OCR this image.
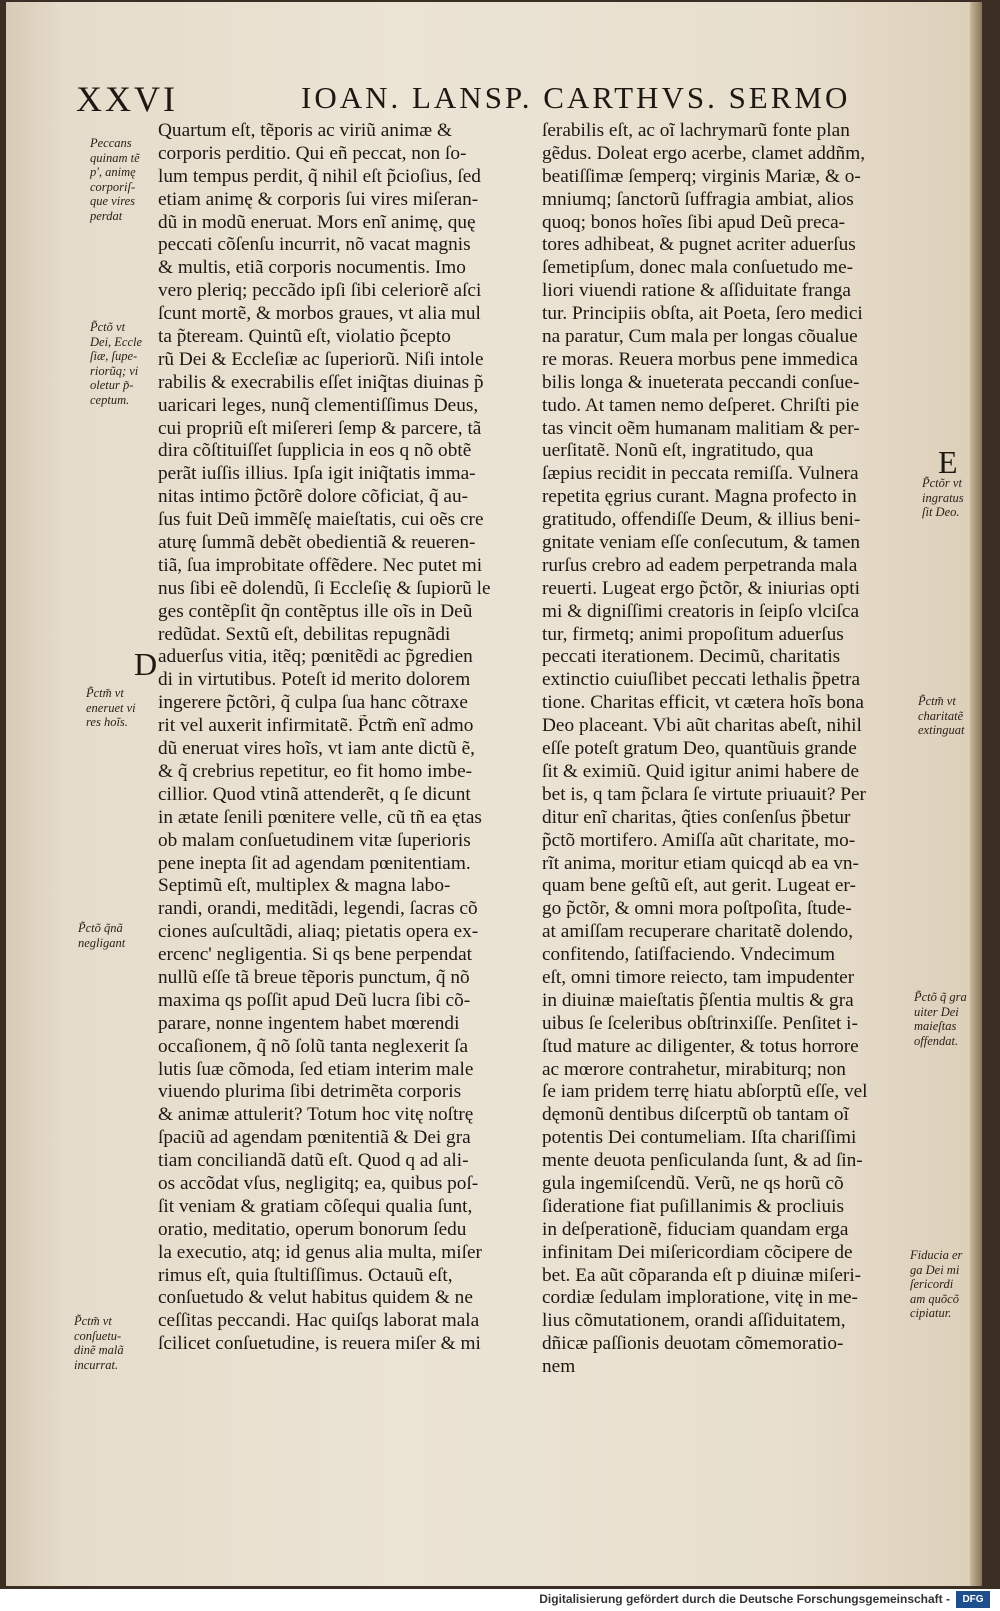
XXVI	IOAN. LANSP. CARTHVS. SERMO
Quartum eſt, tẽporis ac viriũ animæ &
corporis perditio. Qui eñ peccat, non ſo-
lum tempus perdit, q̃ nihil eſt p̃cioſius, ſed
etiam animę & corporis ſui vires miſeran-
dũ in modũ eneruat. Mors enĩ animę, quę
peccati cõſenſu incurrit, nõ vacat magnis
& multis, etiã corporis nocumentis. Imo
vero pleriq; peccãdo ipſi ſibi celeriorẽ aſci
ſcunt mortẽ, & morbos graues, vt alia mul
ta p̃teream. Quintũ eſt, violatio p̃cepto
rũ Dei & Eccleſiæ ac ſuperiorũ. Niſi intole
rabilis & execrabilis eſſet iniq̃tas diuinas p̃
uaricari leges, nunq̃ clementiſſimus Deus,
cui propriũ eſt miſereri ſemp & parcere, tã
dira cõſtituiſſet ſupplicia in eos q nõ obtẽ
perãt iuſſis illius. Ipſa igit iniq̃tatis imma-
nitas intimo p̃ctõrẽ dolore cõficiat, q̃ au-
ſus fuit Deũ immẽſę maieſtatis, cui oẽs cre
aturę ſummã debẽt obedientiã & reueren-
tiã, ſua improbitate offẽdere. Nec putet mi
nus ſibi eẽ dolendũ, ſi Eccleſię & ſupiorũ le
ges contẽpſit q̃n contẽptus ille oĩs in Deũ
redũdat. Sextũ eſt, debilitas repugnãdi
aduerſus vitia, itẽq; pœnitẽdi ac p̃gredien
di in virtutibus. Poteſt id merito dolorem
ingerere p̃ctõri, q̃ culpa ſua hanc cõtraxe
rit vel auxerit infirmitatẽ. P̃ctm̃ enĩ admo
dũ eneruat vires hoĩs, vt iam ante dictũ ẽ,
& q̃ crebrius repetitur, eo fit homo imbe-
cillior. Quod vtinã attenderẽt, q ſe dicunt
in ætate ſenili pœnitere velle, cũ tñ ea ętas
ob malam conſuetudinem vitæ ſuperioris
pene inepta ſit ad agendam pœnitentiam.
Septimũ eſt, multiplex & magna labo-
randi, orandi, meditãdi, legendi, ſacras cõ
ciones auſcultãdi, aliaq; pietatis opera ex-
ercenc' negligentia. Si qs bene perpendat
nullũ eſſe tã breue tẽporis punctum, q̃ nõ
maxima qs poſſit apud Deũ lucra ſibi cõ-
parare, nonne ingentem habet mœrendi
occaſionem, q̃ nõ ſolũ tanta neglexerit ſa
lutis ſuæ cõmoda, ſed etiam interim male
viuendo plurima ſibi detrimẽta corporis
& animæ attulerit? Totum hoc vitę noſtrę
ſpaciũ ad agendam pœnitentiã & Dei gra
tiam conciliandã datũ eſt. Quod q ad ali-
os accõdat vſus, negligitq; ea, quibus poſ-
ſit veniam & gratiam cõſequi qualia ſunt,
oratio, meditatio, operum bonorum ſedu
la executio, atq; id genus alia multa, miſer
rimus eſt, quia ſtultiſſimus. Octauũ eſt,
conſuetudo & velut habitus quidem & ne
ceſſitas peccandi. Hac quiſqs laborat mala
ſcilicet conſuetudine, is reuera miſer & mi
ſerabilis eſt, ac oĩ lachrymarũ fonte plan
gẽdus. Doleat ergo acerbe, clamet addñm,
beatiſſimæ ſemperq; virginis Mariæ, & o-
mniumq; ſanctorũ ſuffragia ambiat, alios
quoq; bonos hoĩes ſibi apud Deũ preca-
tores adhibeat, & pugnet acriter aduerſus
ſemetipſum, donec mala conſuetudo me-
liori viuendi ratione & aſſiduitate franga
tur. Principiis obſta, ait Poeta, ſero medici
na paratur, Cum mala per longas cõualue
re moras. Reuera morbus pene immedica
bilis longa & inueterata peccandi conſue-
tudo. At tamen nemo deſperet. Chriſti pie
tas vincit oẽm humanam malitiam & per-
uerſitatẽ. Nonũ eſt, ingratitudo, qua
ſæpius recidit in peccata remiſſa. Vulnera
repetita ęgrius curant. Magna profecto in
gratitudo, offendiſſe Deum, & illius beni-
gnitate veniam eſſe conſecutum, & tamen
rurſus crebro ad eadem perpetranda mala
reuerti. Lugeat ergo p̃ctõr, & iniurias opti
mi & digniſſimi creatoris in ſeipſo vlciſca
tur, firmetq; animi propoſitum aduerſus
peccati iterationem. Decimũ, charitatis
extinctio cuiuſlibet peccati lethalis p̃petra
tione. Charitas efficit, vt cætera hoĩs bona
Deo placeant. Vbi aũt charitas abeſt, nihil
eſſe poteſt gratum Deo, quantũuis grande
ſit & eximiũ. Quid igitur animi habere de
bet is, q tam p̃clara ſe virtute priuauit? Per
ditur enĩ charitas, q̃ties conſenſus p̃betur
p̃ctõ mortifero. Amiſſa aũt charitate, mo-
rĩt anima, moritur etiam quicqd ab ea vn-
quam bene geſtũ eſt, aut gerit. Lugeat er-
go p̃ctõr, & omni mora poſtpoſita, ſtude-
at amiſſam recuperare charitatẽ dolendo,
confitendo, ſatiſfaciendo. Vndecimum
eſt, omni timore reiecto, tam impudenter
in diuinæ maieſtatis p̃ſentia multis & gra
uibus ſe ſceleribus obſtrinxiſſe. Penſitet i-
ſtud mature ac diligenter, & totus horrore
ac mœrore contrahetur, mirabiturq; non
ſe iam pridem terrę hiatu abſorptũ eſſe, vel
dęmonũ dentibus diſcerptũ ob tantam oĩ
potentis Dei contumeliam. Iſta chariſſimi
mente deuota penſiculanda ſunt, & ad ſin-
gula ingemiſcendũ. Verũ, ne qs horũ cõ
ſideratione fiat puſillanimis & procliuis
in deſperationẽ, fiduciam quandam erga
infinitam Dei miſericordiam cõcipere de
bet. Ea aũt cõparanda eſt p diuinæ miſeri-
cordiæ ſedulam imploratione, vitę in me-
lius cõmutationem, orandi aſſiduitatem,
dñicæ paſſionis deuotam cõmemoratio-
nem
Peccans
quinam tẽ
p', animę
corporiſ-
que vires
perdat
P̃ctõ vt
Dei, Eccle
ſiæ, ſupe-
riorũq; vi
oletur p̃-
ceptum.
P̃ctm̃ vt
eneruet vi
res hoĩs.
P̃ctõ q̃nã
negligant
P̃ctm̃ vt
conſuetu-
dinẽ malã
incurrat.
P̃ctõr vt
ingratus
ſit Deo.
P̃ctm̃ vt
charitatẽ
extinguat
P̃ctõ q̃ gra
uiter Dei
maieſtas
offendat.
Fiducia er
ga Dei mi
ſericordi
am quõcõ
cipiatur.
D
E
Digitalisierung gefördert durch die Deutsche Forschungsgemeinschaft -	DFG
